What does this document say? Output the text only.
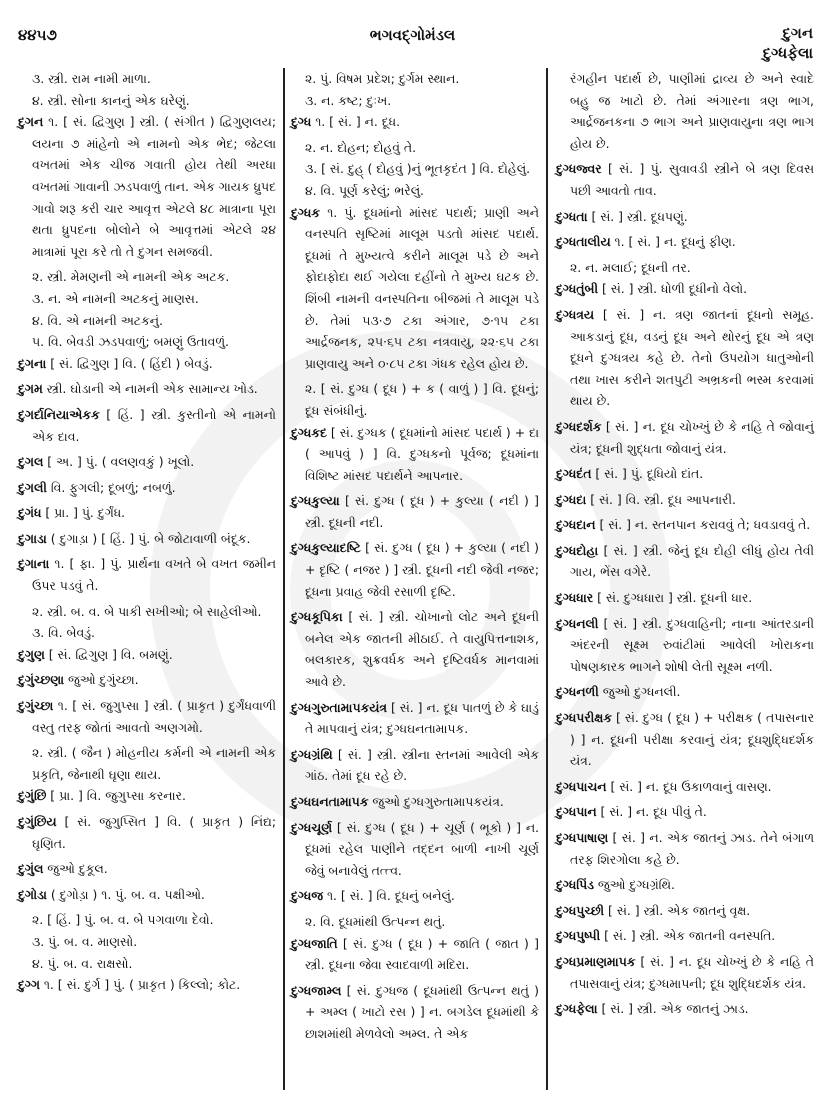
૪૪૫૭	ભગવદ્ગોમંડલ	દુગન
દુગ્ધફેલા

૩. સ્ત્રી. રામ નામી માળા.

૪. સ્ત્રી. સોના કાનનું એક ઘરેણું.

દુગન ૧. [ સં. દ્વિગુણ ] સ્ત્રી. ( સંગીત ) દ્વિગુણલય; લયના ૭ માંહેનો એ નામનો એક ભેદ; જેટલા વખતમાં એક ચીજ ગવાતી હોય તેથી અરધા વખતમાં ગાવાની ઝડપવાળું તાન. એક ગાયક ધ્રુપદ ગાવો શરૂ કરી ચાર આવૃત્ત એટલે ૪૮ માત્રાના પૂરા થતા ધ્રુપદના બોલોને બે આવૃત્તમાં એટલે ૨૪ માત્રામાં પૂરા કરે તો તે દુગન સમજવી.

૨. સ્ત્રી. મેમણની એ નામની એક અટક.

૩. ન. એ નામની અટકનું માણસ.

૪. વિ. એ નામની અટકનું.

૫. વિ. બેવડી ઝડપવાળું; બમણું ઉતાવળું.

દુગના [ સં. દ્વિગુણ ] વિ. ( હિંદી ) બેવડું.

દુગમ સ્ત્રી. ઘોડાની એ નામની એક સામાન્ય ખોડ.

દુગર્દાનિયાએકક [ હિં. ] સ્ત્રી. કુસ્તીનો એ નામનો એક દાવ.

દુગલ [ અ. ] પું. ( વલણવકું ) ખૂલો.

દુગલી વિ. ફુગલી; દૂબળું; નબળું.

દુગંધ [ પ્રા. ] પું. દુર્ગંધ.

દુગાડા ( દુગાડ઼ા ) [ હિં. ] પું. બે જોટાવાળી બંદૂક.

દુગાના ૧. [ ફા. ] પું. પ્રાર્થના વખતે બે વખત જમીન ઉપર પડવું તે.

૨. સ્ત્રી. બ. વ. બે પાકી સખીઓ; બે સાહેલીઓ.

૩. વિ. બેવડું.

દુગુણ [ સં. દ્વિગુણ ] વિ. બમણું.

દુગુંચ્છણા જુઓ દુગુંચ્છા.

દુગુંચ્છા ૧. [ સં. જુગુપ્સા ] સ્ત્રી. ( પ્રાકૃત ) દુર્ગંધવાળી વસ્તુ તરફ જોતાં આવતો અણગમો.

૨. સ્ત્રી. ( જૈન ) મોહનીય કર્મની એ નામની એક પ્રકૃતિ, જેનાથી ઘૃણા થાય.

દુગુંછિ [ પ્રા. ] વિ. જુગુપ્સા કરનાર.

દુગુંછિય [ સં. જુગુપ્સિત ] વિ. ( પ્રાકૃત ) નિંદ્ય; ઘૃણિત.

દુગુંલ જુઓ દુકૂલ.

દુગોડા ( દુગોડ઼ા ) ૧. પું. બ. વ. પક્ષીઓ.

૨. [ હિં. ] પું. બ. વ. બે પગવાળા દેવો.

૩. પું. બ. વ. માણસો.

૪. પું. બ. વ. રાક્ષસો.

દુગ્ગ ૧. [ સં. દુર્ગ ] પું. ( પ્રાકૃત ) કિલ્લો; કોટ.

૨. પું. વિષમ પ્રદેશ; દુર્ગમ સ્થાન.

૩. ન. કષ્ટ; દુઃખ.

દુગ્ધ ૧. [ સં. ] ન. દૂધ.

૨. ન. દોહન; દોહવું તે.

૩. [ સં. દુહ્ ( દોહવું )નું ભૂતકૃદંત ] વિ. દોહેલું.

૪. વિ. પૂર્ણ કરેલું; ભરેલું.

દુગ્ધક ૧. પું. દૂધમાંનો માંસદ પદાર્થ; પ્રાણી અને વનસ્પતિ સૃષ્ટિમાં માલૂમ પડતો માંસદ પદાર્થ. દૂધમાં તે મુખ્યત્વે કરીને માલૂમ પડે છે અને ફોદાફોદા થઈ ગયેલા દહીંનો તે મુખ્ય ઘટક છે. શિંબી નામની વનસ્પતિના બીજમાં તે માલૂમ પડે છે. તેમાં ૫૩·૭ ટકા અંગાર, ૭·૧૫ ટકા આર્દ્રજનક, ૨૫·૬૫ ટકા નત્રવાયુ, ૨૨·૬૫ ટકા પ્રાણવાયુ અને ૦·૮૫ ટકા ગંધક રહેલ હોય છે.

૨. [ સં. દુગ્ધ ( દૂધ ) + ક ( વાળું ) ] વિ. દૂધનું; દૂધ સંબંધીનું.

દુગ્ધકદ [ સં. દુગ્ધક ( દૂધમાંનો માંસદ પદાર્થ ) + દા ( આપવું ) ] વિ. દુગ્ધકનો પૂર્વજ; દૂધમાંના વિશિષ્ટ માંસદ પદાર્થને આપનાર.

દુગ્ધકુલ્યા [ સં. દુગ્ધ ( દૂધ ) + કુલ્યા ( નદી ) ] સ્ત્રી. દૂધની નદી.

દુગ્ધકુલ્યાદષ્ટિ [ સં. દુગ્ધ ( દૂધ ) + કુલ્યા ( નદી ) + દૃષ્ટિ ( નજર ) ] સ્ત્રી. દૂધની નદી જેવી નજર; દૂધના પ્રવાહ જેવી રસાળી દૃષ્ટિ.

દુગ્ધકૂપિકા [ સં. ] સ્ત્રી. ચોખાનો લોટ અને દૂધની બનેલ એક જાતની મીઠાઈ. તે વાયુપિત્તનાશક, બલકારક, શુક્રવર્ધક અને દૃષ્ટિવર્ધક માનવામાં આવે છે.

દુગ્ધગુરુતામાપકયંત્ર [ સં. ] ન. દૂધ પાતળું છે કે ઘાડું તે માપવાનું યંત્ર; દુગ્ધઘનતામાપક.

દુગ્ધગ્રંથિ [ સં. ] સ્ત્રી. સ્ત્રીના સ્તનમાં આવેલી એક ગાંઠ. તેમાં દૂધ રહે છે.

દુગ્ધઘનતામાપક જુઓ દુગ્ધગુરુતામાપકયંત્ર.

દુગ્ધચૂર્ણ [ સં. દુગ્ધ ( દૂધ ) + ચૂર્ણ ( ભૂકો ) ] ન. દૂધમાં રહેલ પાણીને તદ્દન બાળી નાખી ચૂર્ણ જેવું બનાવેલું તત્ત્વ.

દુગ્ધજ ૧. [ સં. ] વિ. દૂધનું બનેલું.

૨. વિ. દૂધમાંથી ઉત્પન્ન થતું.

દુગ્ધજાતિ [ સં. દુગ્ધ ( દૂધ ) + જાતિ ( જાત ) ] સ્ત્રી. દૂધના જેવા સ્વાદવાળી મદિરા.

દુગ્ધજામ્લ [ સં. દુગ્ધજ ( દૂધમાંથી ઉત્પન્ન થતું ) + અમ્લ ( ખાટો રસ ) ] ન. બગડેલ દૂધમાંથી કે છાશમાંથી મેળવેલો અમ્લ. તે એક

રંગહીન પદાર્થ છે, પાણીમાં દ્રાવ્ય છે અને સ્વાદે બહુ જ ખાટો છે. તેમાં અંગારના ત્રણ ભાગ, આર્દ્રજનકના ૭ ભાગ અને પ્રાણવાયુના ત્રણ ભાગ હોય છે.

દુગ્ધજ્વર [ સં. ] પું. સુવાવડી સ્ત્રીને બે ત્રણ દિવસ પછી આવતો તાવ.

દુગ્ધતા [ સં. ] સ્ત્રી. દૂધપણું.

દુગ્ધતાલીય ૧. [ સં. ] ન. દૂધનું ફીણ.

૨. ન. મલાઈ; દૂધની તર.

દુગ્ધતુંબી [ સં. ] સ્ત્રી. ધોળી દૂધીનો વેલો.

દુગ્ધત્રય [ સં. ] ન. ત્રણ જાતનાં દૂધનો સમૂહ. આકડાનું દૂધ, વડનું દૂધ અને થોરનું દૂધ એ ત્રણ દૂધને દુગ્ધત્રય કહે છે. તેનો ઉપયોગ ધાતુઓની તથા ખાસ કરીને શતપુટી અભ્રકની ભસ્મ કરવામાં થાય છે.

દુગ્ધદર્શક [ સં. ] ન. દૂધ ચોખ્ખું છે કે નહિ તે જોવાનું યંત્ર; દૂધની શુદ્ધતા જોવાનું યંત્ર.

દુગ્ધદંત [ સં. ] પું. દૂધિયો દાંત.

દુગ્ધદા [ સં. ] વિ. સ્ત્રી. દૂધ આપનારી.

દુગ્ધદાન [ સં. ] ન. સ્તનપાન કરાવવું તે; ધવડાવવું તે.

દુગ્ધદોહા [ સં. ] સ્ત્રી. જેનું દૂધ દોહી લીધું હોય તેવી ગાય, ભેંસ વગેરે.

દુગ્ધધાર [ સં. દુગ્ધધારા ] સ્ત્રી. દૂધની ધાર.

દુગ્ધનલી [ સં. ] સ્ત્રી. દુગ્ધવાહિની; નાના આંતરડાની અંદરની સૂક્ષ્મ રુવાંટીમાં આવેલી ખોરાકના પોષણકારક ભાગને શોષી લેતી સૂક્ષ્મ નળી.

દુગ્ધનળી જુઓ દુગ્ધનલી.

દુગ્ધપરીક્ષક [ સં. દુગ્ધ ( દૂધ ) + પરીક્ષક ( તપાસનાર ) ] ન. દૂધની પરીક્ષા કરવાનું યંત્ર; દૂધશુદ્ધિદર્શક યંત્ર.

દુગ્ધપાચન [ સં. ] ન. દૂધ ઉકાળવાનું વાસણ.

દુગ્ધપાન [ સં. ] ન. દૂધ પીવું તે.

દુગ્ધપાષાણ [ સં. ] ન. એક જાતનું ઝાડ. તેને બંગાળ તરફ શિરગોલા કહે છે.

દુગ્ધપિંડ જુઓ દુગ્ધગ્રંથિ.

દુગ્ધપુચ્છી [ સં. ] સ્ત્રી. એક જાતનું વૃક્ષ.

દુગ્ધપુષ્પી [ સં. ] સ્ત્રી. એક જાતની વનસ્પતિ.

દુગ્ધપ્રમાણમાપક [ સં. ] ન. દૂધ ચોખ્ખું છે કે નહિ તે તપાસવાનું યંત્ર; દુગ્ધમાપની; દૂધ શુદ્ધિદર્શક યંત્ર.

દુગ્ધફેલા [ સં. ] સ્ત્રી. એક જાતનું ઝાડ.
